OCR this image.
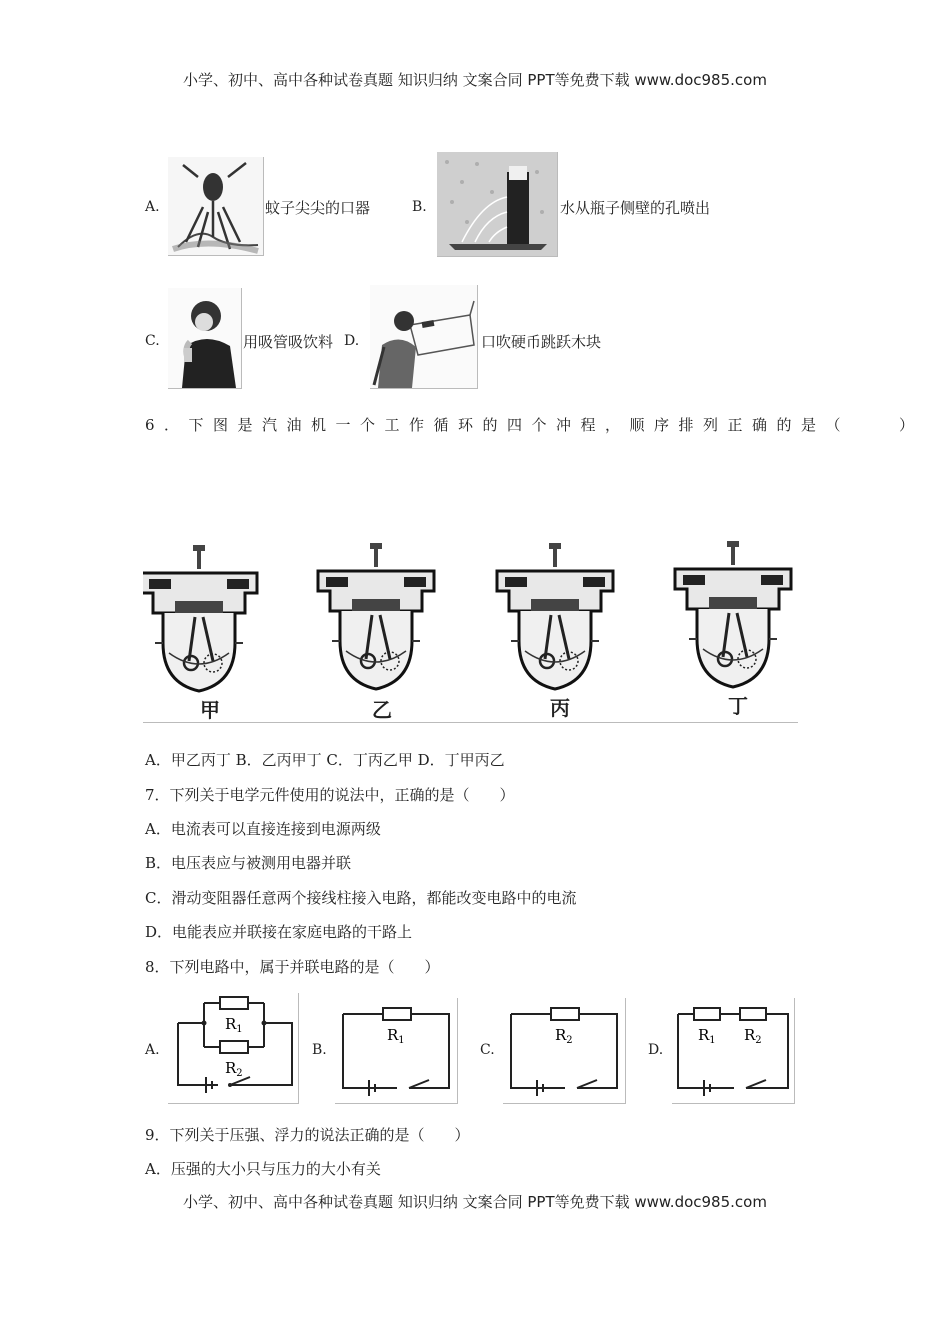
小学、初中、高中各种试卷真题 知识归纳 文案合同 PPT等免费下载 www.doc985.com
A.	蚊子尖尖的口器	B.	水从瓶子侧壁的孔喷出
C.	用吸管吸饮料 D.	口吹硬币跳跃木块
6．下图是汽油机一个工作循环的四个冲程，顺序排列正确的是（　　）
甲	乙	丙	丁
A．甲乙丙丁 B．乙丙甲丁 C．丁丙乙甲 D．丁甲丙乙
7．下列关于电学元件使用的说法中，正确的是（　　）
A．电流表可以直接连接到电源两级
B．电压表应与被测用电器并联
C．滑动变阻器任意两个接线柱接入电路，都能改变电路中的电流
D．电能表应并联接在家庭电路的干路上
8．下列电路中，属于并联电路的是（　　）
A.
$R_1$
$R_2$
B.
$R_1$
C.
$R_2$
D.
$R_1$ $R_2$
9．下列关于压强、浮力的说法正确的是（　　）
A．压强的大小只与压力的大小有关
小学、初中、高中各种试卷真题 知识归纳 文案合同 PPT等免费下载 www.doc985.com
